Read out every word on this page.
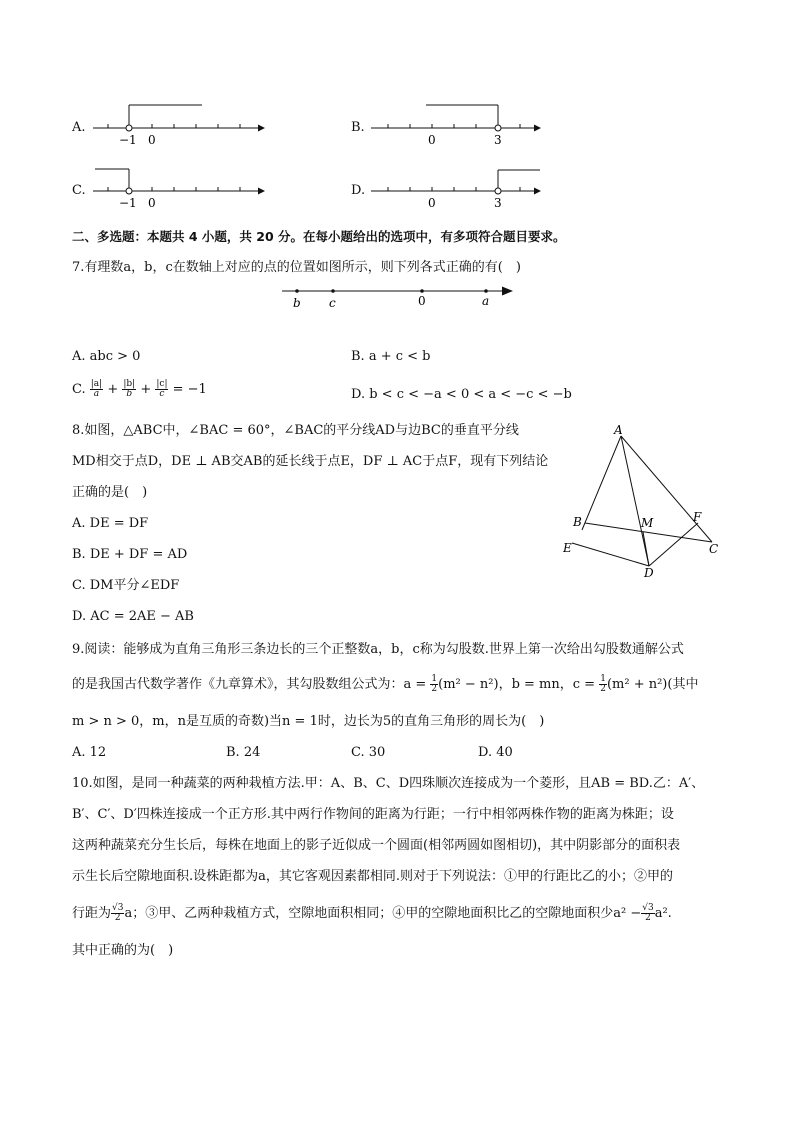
A.
−1 0
B.
0	3
C.
−1 0
D.
0	3
二、多选题：本题共 4 小题，共 20 分。在每小题给出的选项中，有多项符合题目要求。
7.有理数a，b，c在数轴上对应的点的位置如图所示，则下列各式正确的有(　)
b c	0	a
A. abc > 0	B. a + c < b
C. $\frac{|a|}{a} + \frac{|b|}{b} + \frac{|c|}{c} = -1$	D. b < c < −a < 0 < a < −c < −b
8.如图，△ABC中，∠BAC = 60°，∠BAC的平分线AD与边BC的垂直平分线
MD相交于点D，DE ⊥ AB交AB的延长线于点E，DF ⊥ AC于点F，现有下列结论
正确的是(　)
A. DE = DF
B. DE + DF = AD
C. DM平分∠EDF
D. AC = 2AE − AB
A
B	M	F
E	C
D
9.阅读：能够成为直角三角形三条边长的三个正整数a，b，c称为勾股数.世界上第一次给出勾股数通解公式
的是我国古代数学著作《九章算术》，其勾股数组公式为：$a = \frac{1}{2} (m^2 - n^2)$，b = mn，$c = \frac{1}{2} (m^2 + n^2)$(其中
m > n > 0，m，n是互质的奇数)当n = 1时，边长为5的直角三角形的周长为(　)
A. 12	B. 24	C. 30	D. 40
10.如图，是同一种蔬菜的两种栽植方法.甲：A、B、C、D四珠顺次连接成为一个菱形，且AB = BD.乙：A′、
B′、C′、D′四株连接成一个正方形.其中两行作物间的距离为行距；一行中相邻两株作物的距离为株距；设
这两种蔬菜充分生长后，每株在地面上的影子近似成一个圆面(相邻两圆如图相切)，其中阴影部分的面积表
示生长后空隙地面积.设株距都为a，其它客观因素都相同.则对于下列说法：①甲的行距比乙的小；②甲的
行距为 $\frac{√3}{2}$ a；③甲、乙两种栽植方式，空隙地面积相同；④甲的空隙地面积比乙的空隙地面积少$a^2 - \frac{√3}{2} a^2$.
其中正确的为(　)
